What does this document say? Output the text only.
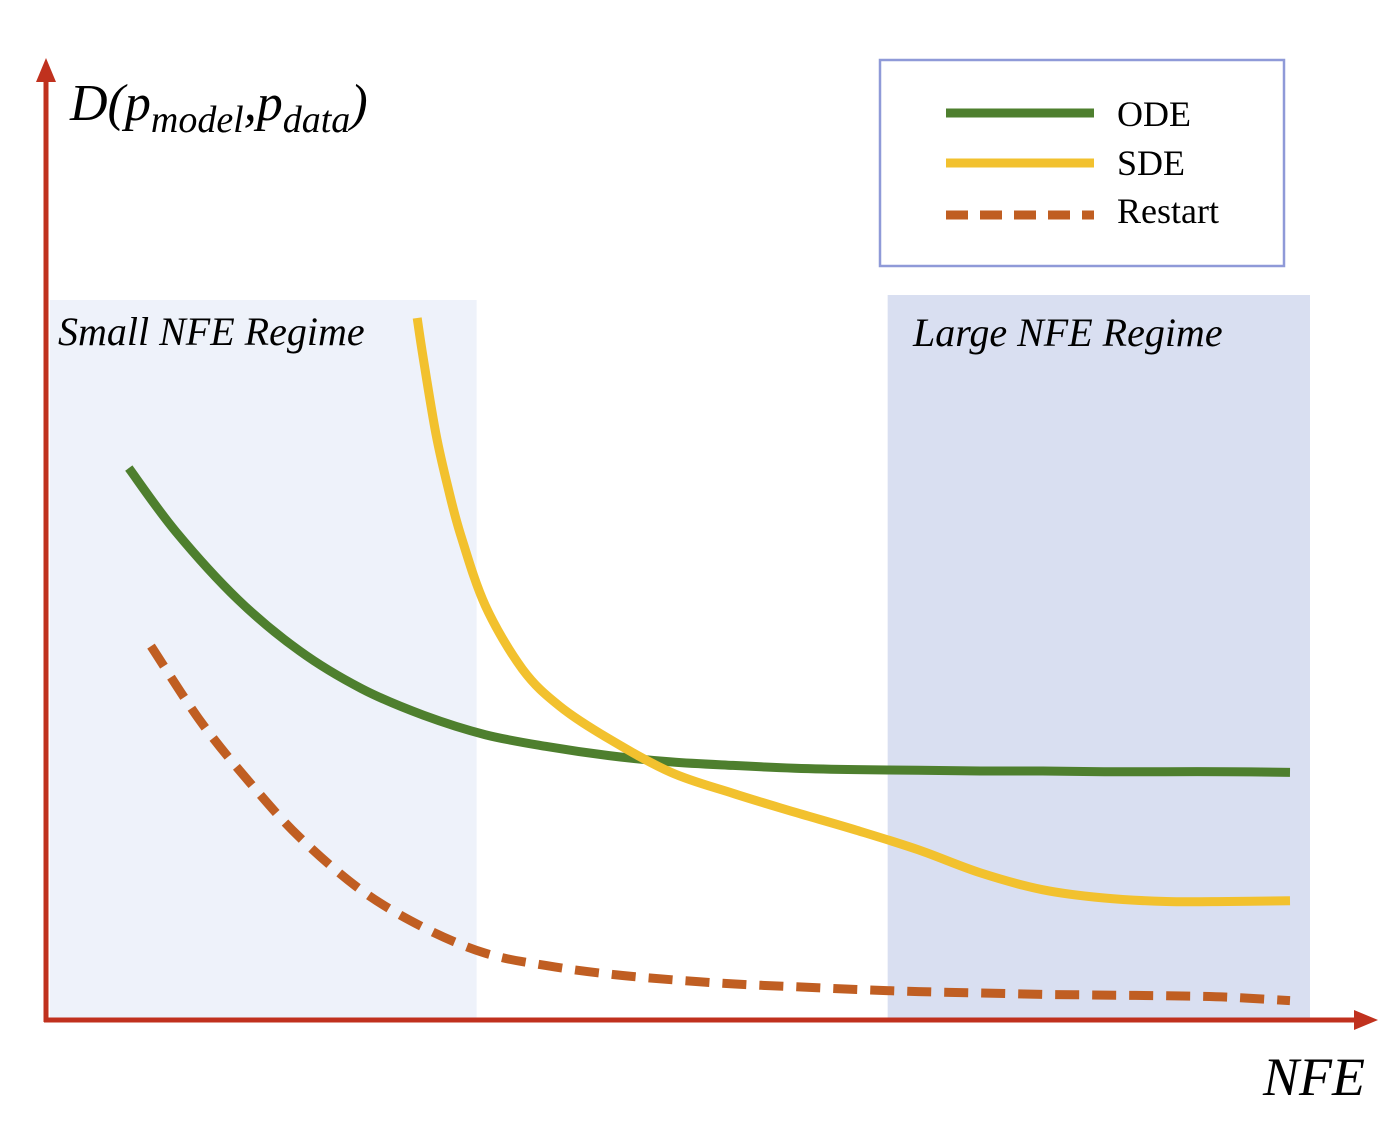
Small NFE Regime	Large NFE Regime
$D(p_{model},p_{data})$
NFE
ODE
SDE
Restart
